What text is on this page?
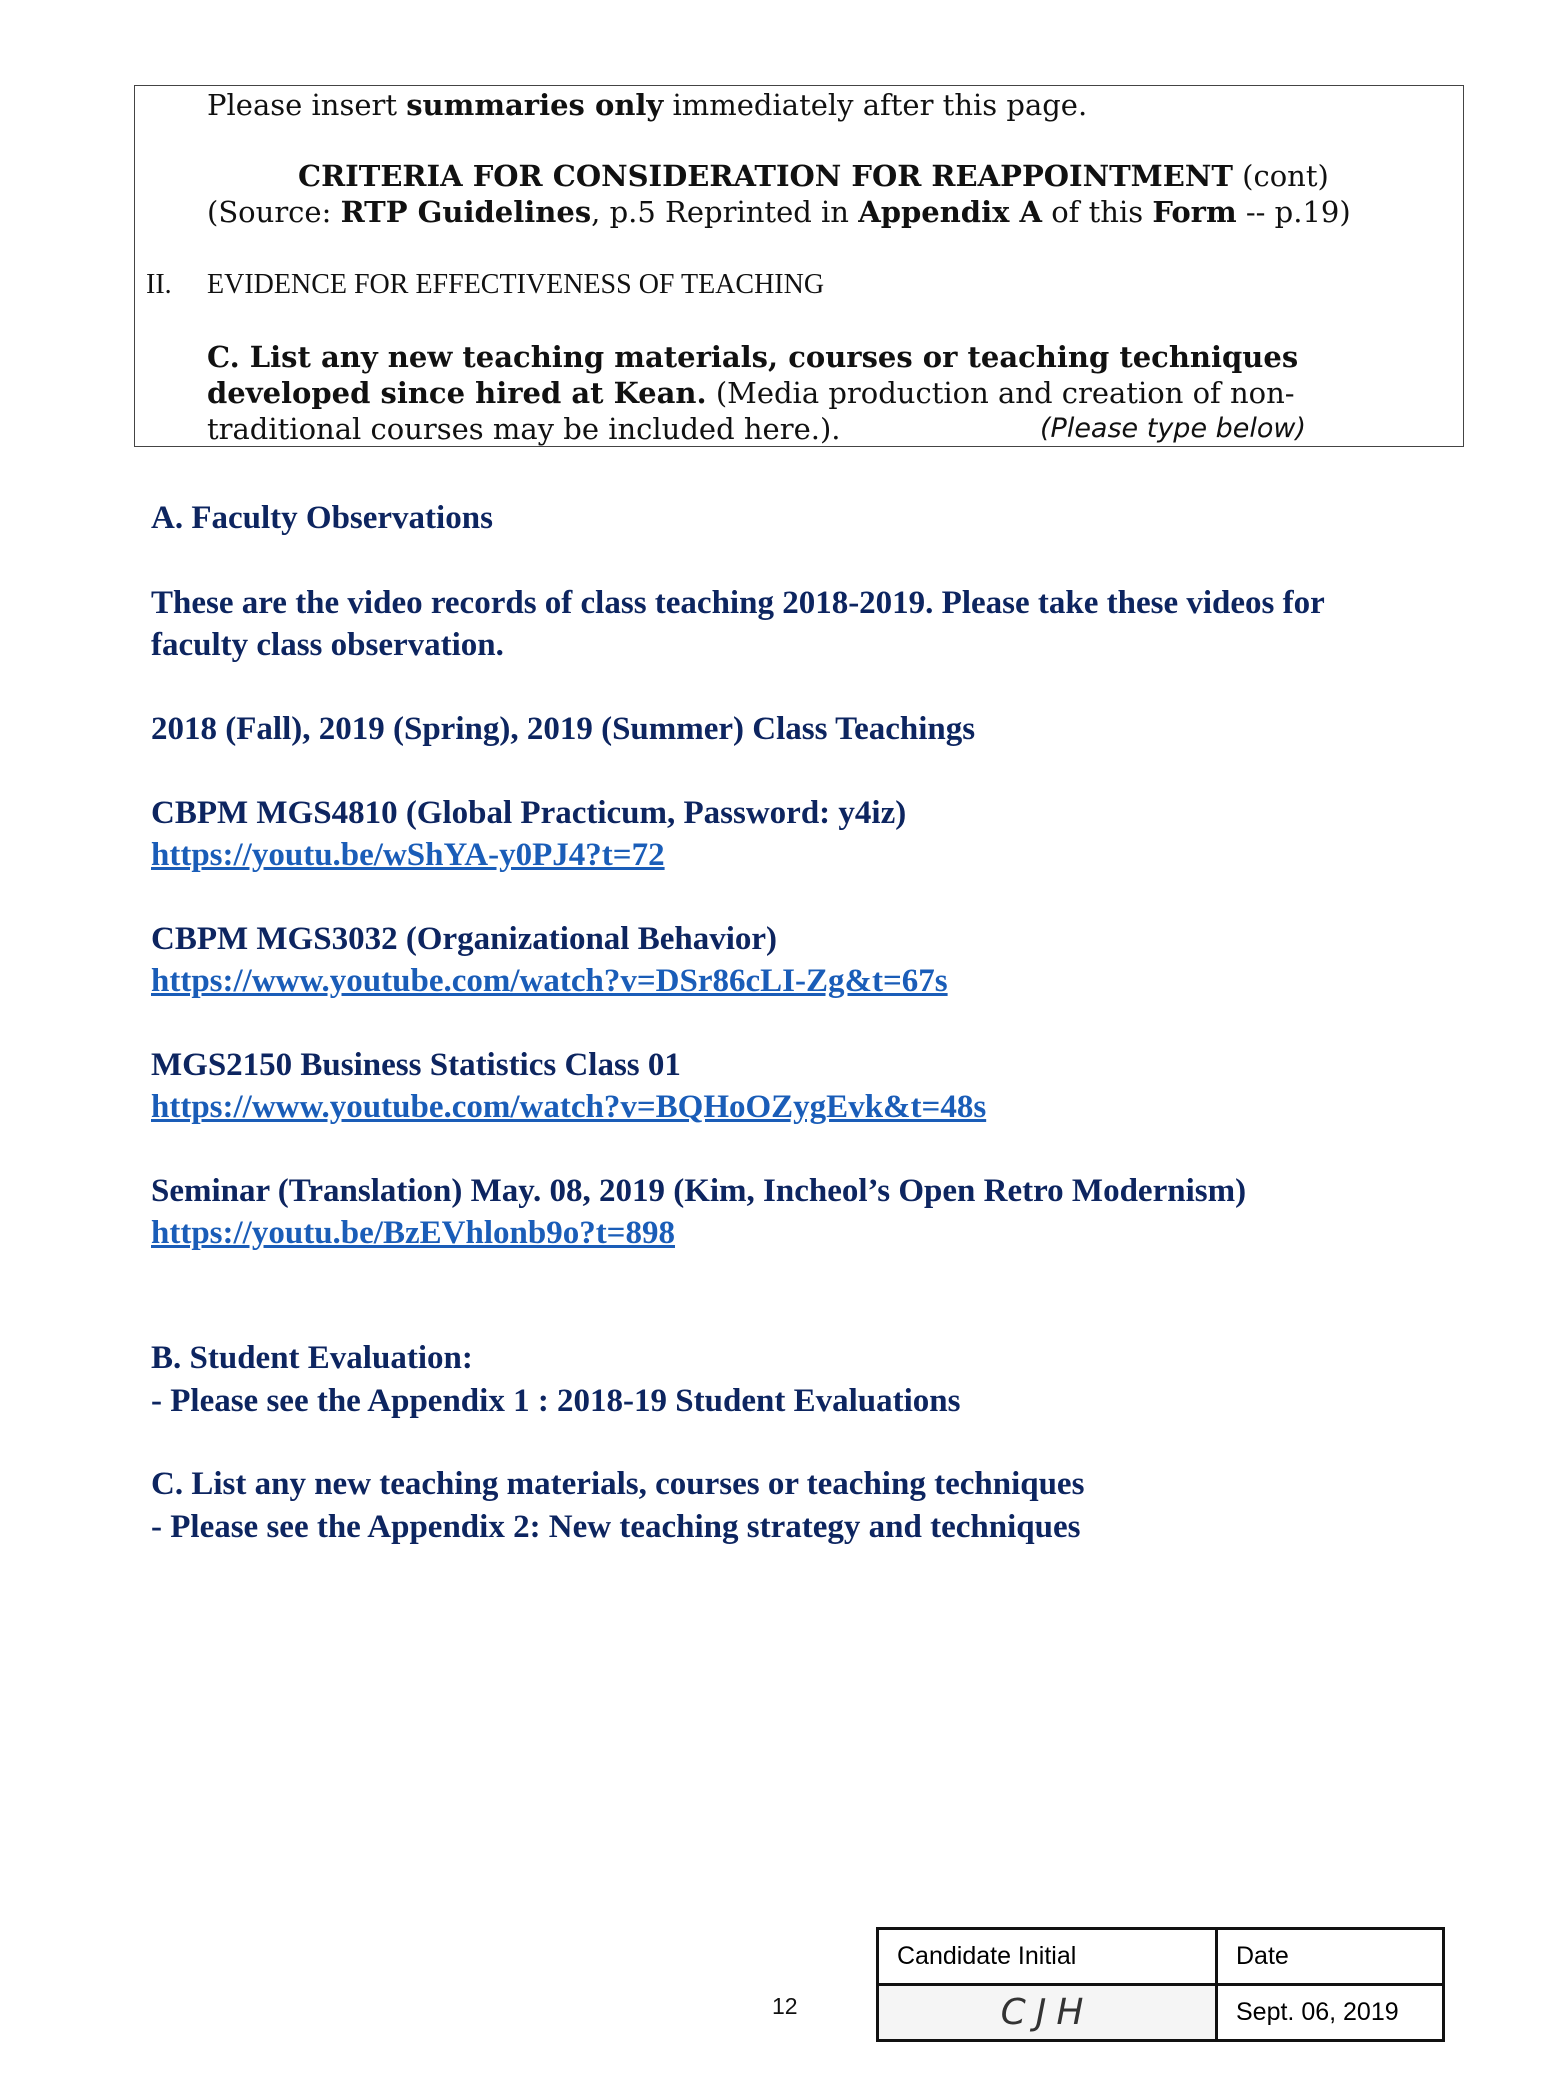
Please insert summaries only immediately after this page.
CRITERIA FOR CONSIDERATION FOR REAPPOINTMENT (cont)
(Source: RTP Guidelines, p.5 Reprinted in Appendix A of this Form -- p.19)
II. EVIDENCE FOR EFFECTIVENESS OF TEACHING
C. List any new teaching materials, courses or teaching techniques
developed since hired at Kean. (Media production and creation of non-
traditional courses may be included here.).	(Please type below)
A. Faculty Observations
These are the video records of class teaching 2018-2019. Please take these videos for
faculty class observation.
2018 (Fall), 2019 (Spring), 2019 (Summer) Class Teachings
CBPM MGS4810 (Global Practicum, Password: y4iz)
https://youtu.be/wShYA-y0PJ4?t=72
CBPM MGS3032 (Organizational Behavior)
https://www.youtube.com/watch?v=DSr86cLI-Zg&t=67s
MGS2150 Business Statistics Class 01
https://www.youtube.com/watch?v=BQHoOZygEvk&t=48s
Seminar (Translation) May. 08, 2019 (Kim, Incheol’s Open Retro Modernism)
https://youtu.be/BzEVhlonb9o?t=898
B. Student Evaluation:
- Please see the Appendix 1 : 2018-19 Student Evaluations
C. List any new teaching materials, courses or teaching techniques
- Please see the Appendix 2: New teaching strategy and techniques
12
Candidate Initial	Date
CJH	Sept. 06, 2019
